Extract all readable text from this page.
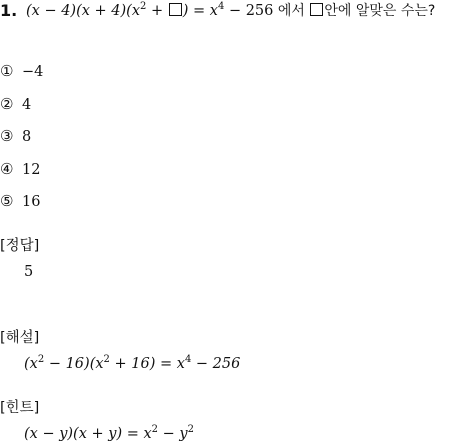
1. $(x - 4)(x + 4)(x^2$ + ) = $x^4 - 256$ 에서 안에 알맞은 수는?
① −4
② 4
③ 8
④ 12
⑤ 16
[정답]
5
[해설]
$(x^2 - 16)(x^2 + 16) = x^4 - 256$
[힌트]
$(x - y)(x + y) = x^2 - y^2$
